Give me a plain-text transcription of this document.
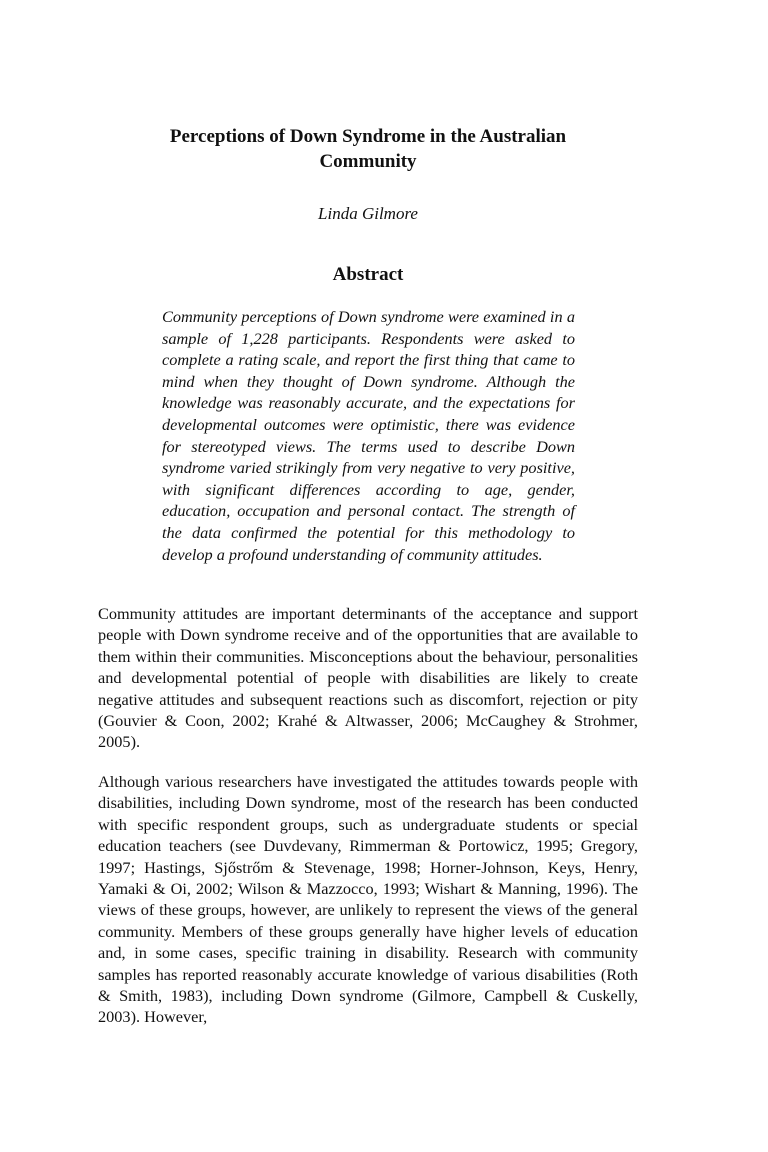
Perceptions of Down Syndrome in the Australian Community

Linda Gilmore

Abstract

Community perceptions of Down syndrome were examined in a sample of 1,228 participants. Respondents were asked to complete a rating scale, and report the first thing that came to mind when they thought of Down syndrome. Although the knowledge was reasonably accurate, and the expectations for developmental outcomes were optimistic, there was evidence for stereotyped views. The terms used to describe Down syndrome varied strikingly from very negative to very positive, with significant differences according to age, gender, education, occupation and personal contact. The strength of the data confirmed the potential for this methodology to develop a profound understanding of community attitudes.

Community attitudes are important determinants of the acceptance and support people with Down syndrome receive and of the opportunities that are available to them within their communities. Misconceptions about the behaviour, personalities and developmental potential of people with disabilities are likely to create negative attitudes and subsequent reactions such as discomfort, rejection or pity (Gouvier & Coon, 2002; Krahé & Altwasser, 2006; McCaughey & Strohmer, 2005).

Although various researchers have investigated the attitudes towards people with disabilities, including Down syndrome, most of the research has been conducted with specific respondent groups, such as undergraduate students or special education teachers (see Duvdevany, Rimmerman & Portowicz, 1995; Gregory, 1997; Hastings, Sjőstrőm & Stevenage, 1998; Horner-Johnson, Keys, Henry, Yamaki & Oi, 2002; Wilson & Mazzocco, 1993; Wishart & Manning, 1996). The views of these groups, however, are unlikely to represent the views of the general community. Members of these groups generally have higher levels of education and, in some cases, specific training in disability. Research with community samples has reported reasonably accurate knowledge of various disabilities (Roth & Smith, 1983), including Down syndrome (Gilmore, Campbell & Cuskelly, 2003). However,
